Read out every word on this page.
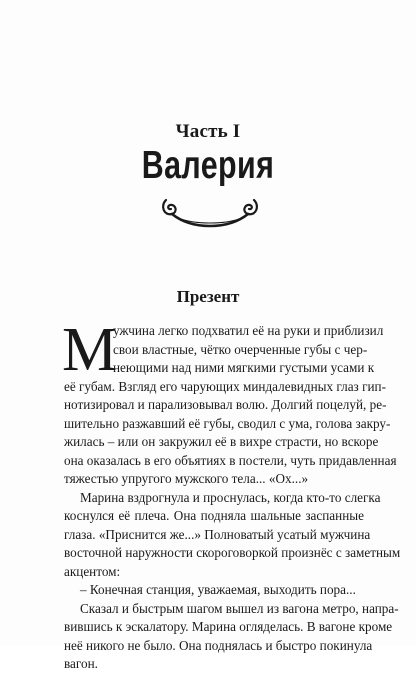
Часть I
Валерия
Презент
М
ужчина легко подхватил её на руки и приблизил
свои властные, чётко очерченные губы с чер-
неющими над ними мягкими густыми усами к
её губам. Взгляд его чарующих миндалевидных глаз гип-
нотизировал и парализовывал волю. Долгий поцелуй, ре-
шительно разжавший её губы, сводил с ума, голова закру-
жилась – или он закружил её в вихре страсти, но вскоре
она оказалась в его объятиях в постели, чуть придавленная
тяжестью упругого мужского тела... «Ох...»
Марина вздрогнула и проснулась, когда кто-то слегка
коснулся её плеча. Она подняла шальные заспанные
глаза. «Приснится же...» Полноватый усатый мужчина
восточной наружности скороговоркой произнёс с заметным
акцентом:
– Конечная станция, уважаемая, выходить пора...
Сказал и быстрым шагом вышел из вагона метро, напра-
вившись к эскалатору. Марина огляделась. В вагоне кроме
неё никого не было. Она поднялась и быстро покинула
вагон.
